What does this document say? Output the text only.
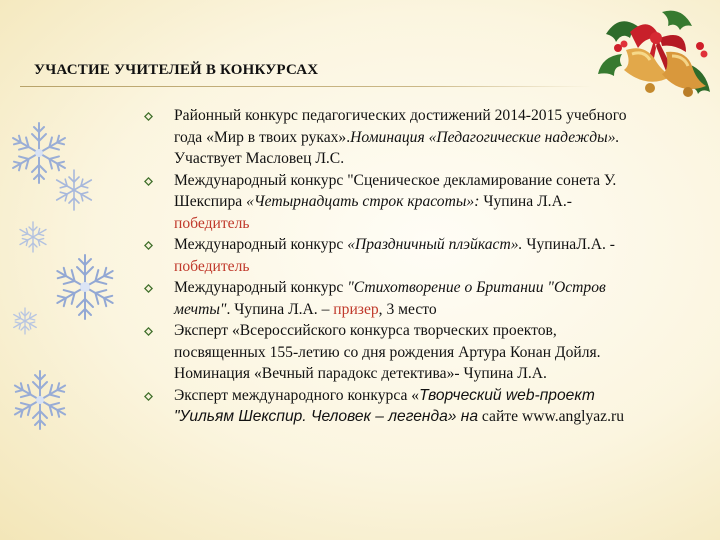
УЧАСТИЕ УЧИТЕЛЕЙ В КОНКУРСАХ
Районный конкурс педагогических достижений 2014-2015 учебного года «Мир в твоих руках».Номинация «Педагогические надежды». Участвует Масловец Л.С.
Международный конкурс "Сценическое декламирование сонета У. Шекспира «Четырнадцать строк красоты»: Чупина Л.А.- победитель
Международный конкурс «Праздничный плэйкаст». ЧупинаЛ.А. - победитель
Международный конкурс "Стихотворение о Британии "Остров мечты". Чупина Л.А. – призер, 3 место
Эксперт «Всероссийского конкурса творческих проектов, посвященных 155-летию со дня рождения Артура Конан Дойля. Номинация «Вечный парадокс детектива»- Чупина Л.А.
Эксперт международного конкурса «Творческий web-проект "Уильям Шекспир. Человек – легенда» на сайте www.anglyaz.ru
